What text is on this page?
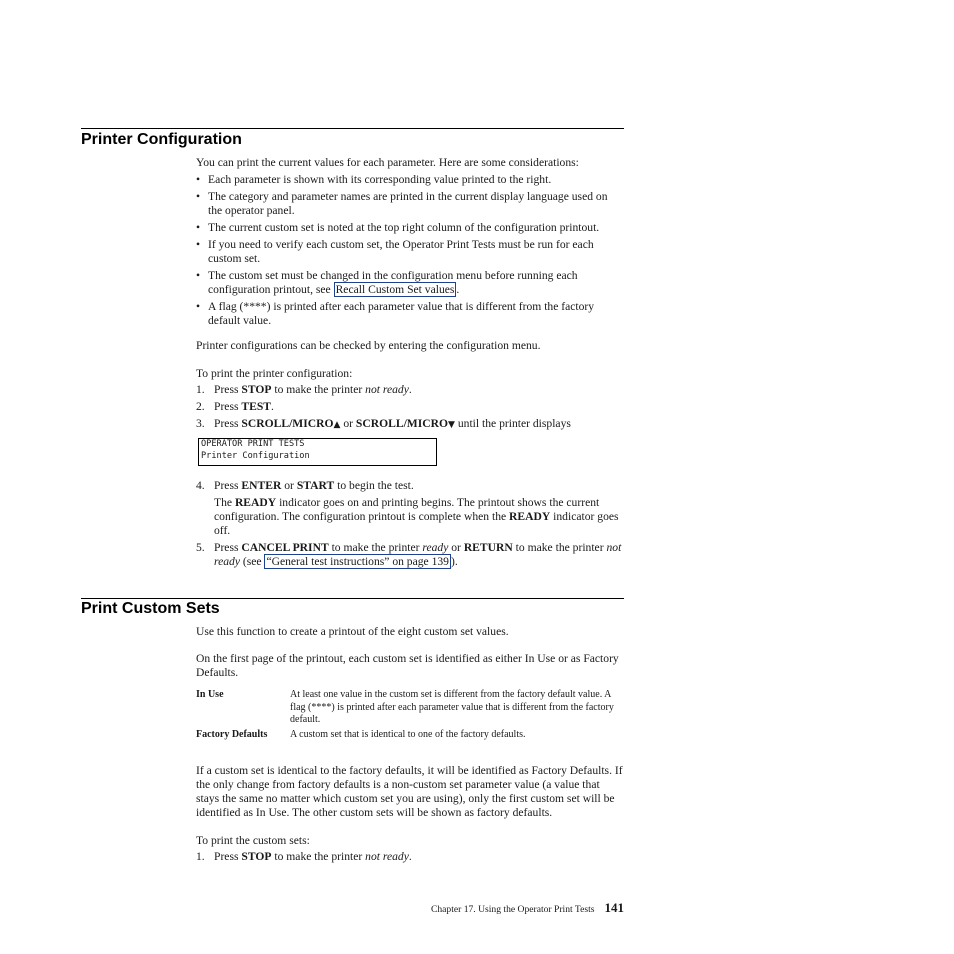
Printer Configuration

You can print the current values for each parameter. Here are some considerations:

• Each parameter is shown with its corresponding value printed to the right.
• The category and parameter names are printed in the current display language used on the operator panel.
• The current custom set is noted at the top right column of the configuration printout.
• If you need to verify each custom set, the Operator Print Tests must be run for each custom set.
• The custom set must be changed in the configuration menu before running each configuration printout, see Recall Custom Set values .
• A flag (****) is printed after each parameter value that is different from the factory default value.

Printer configurations can be checked by entering the configuration menu.

To print the printer configuration:

1. Press STOP to make the printer not ready.
2. Press TEST.
3. Press SCROLL/MICRO▲ or SCROLL/MICRO▼ until the printer displays
OPERATOR PRINT TESTS
Printer Configuration
4. Press ENTER or START to begin the test.
The READY indicator goes on and printing begins. The printout shows the current configuration. The configuration printout is complete when the READY indicator goes off.
5. Press CANCEL PRINT to make the printer ready or RETURN to make the printer not ready (see “General test instructions” on page 139 ).
Print Custom Sets

Use this function to create a printout of the eight custom set values.

On the first page of the printout, each custom set is identified as either In Use or as Factory Defaults.

In Use	At least one value in the custom set is different from the factory default value. A flag (****) is printed after each parameter value that is different from the factory default.
Factory Defaults A custom set that is identical to one of the factory defaults.

If a custom set is identical to the factory defaults, it will be identified as Factory Defaults. If the only change from factory defaults is a non-custom set parameter value (a value that stays the same no matter which custom set you are using), only the first custom set will be identified as In Use. The other custom sets will be shown as factory defaults.

To print the custom sets:

1. Press STOP to make the printer not ready.
Chapter 17. Using the Operator Print Tests 141
